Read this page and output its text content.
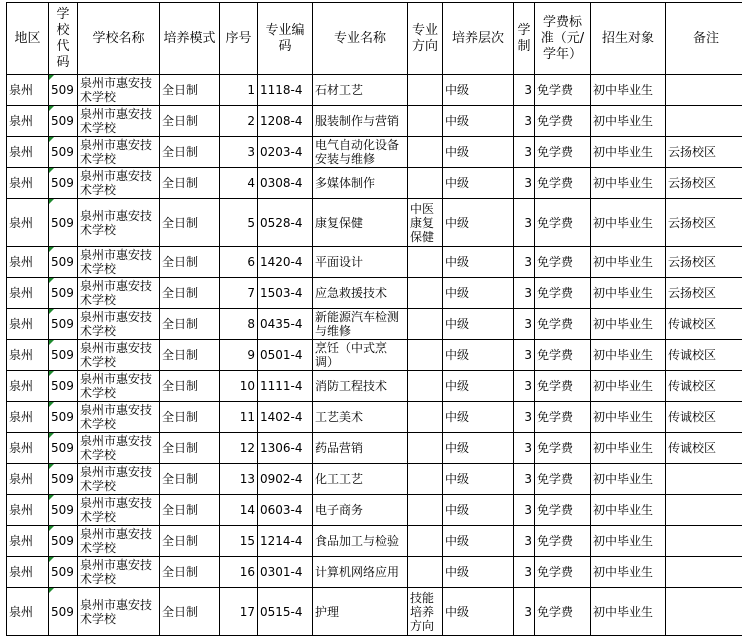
地区	学校代码	学校名称	培养模式	序号	专业编码	专业名称	专业方向	培养层次	学制	学费标准（元/学年）	招生对象	备注
泉州	509	泉州市惠安技术学校	全日制	1	1118-4	石材工艺		中级	3	免学费	初中毕业生	
泉州	509	泉州市惠安技术学校	全日制	2	1208-4	服装制作与营销		中级	3	免学费	初中毕业生	
泉州	509	泉州市惠安技术学校	全日制	3	0203-4	电气自动化设备安装与维修		中级	3	免学费	初中毕业生	云扬校区
泉州	509	泉州市惠安技术学校	全日制	4	0308-4	多媒体制作		中级	3	免学费	初中毕业生	云扬校区
泉州	509	泉州市惠安技术学校	全日制	5	0528-4	康复保健	中医康复保健	中级	3	免学费	初中毕业生	云扬校区
泉州	509	泉州市惠安技术学校	全日制	6	1420-4	平面设计		中级	3	免学费	初中毕业生	云扬校区
泉州	509	泉州市惠安技术学校	全日制	7	1503-4	应急救援技术		中级	3	免学费	初中毕业生	云扬校区
泉州	509	泉州市惠安技术学校	全日制	8	0435-4	新能源汽车检测与维修		中级	3	免学费	初中毕业生	传诚校区
泉州	509	泉州市惠安技术学校	全日制	9	0501-4	烹饪（中式烹调）		中级	3	免学费	初中毕业生	传诚校区
泉州	509	泉州市惠安技术学校	全日制	10	1111-4	消防工程技术		中级	3	免学费	初中毕业生	传诚校区
泉州	509	泉州市惠安技术学校	全日制	11	1402-4	工艺美术		中级	3	免学费	初中毕业生	传诚校区
泉州	509	泉州市惠安技术学校	全日制	12	1306-4	药品营销		中级	3	免学费	初中毕业生	传诚校区
泉州	509	泉州市惠安技术学校	全日制	13	0902-4	化工工艺		中级	3	免学费	初中毕业生	
泉州	509	泉州市惠安技术学校	全日制	14	0603-4	电子商务		中级	3	免学费	初中毕业生	
泉州	509	泉州市惠安技术学校	全日制	15	1214-4	食品加工与检验		中级	3	免学费	初中毕业生	
泉州	509	泉州市惠安技术学校	全日制	16	0301-4	计算机网络应用		中级	3	免学费	初中毕业生	
泉州	509	泉州市惠安技术学校	全日制	17	0515-4	护理	技能培养方向	中级	3	免学费	初中毕业生	
